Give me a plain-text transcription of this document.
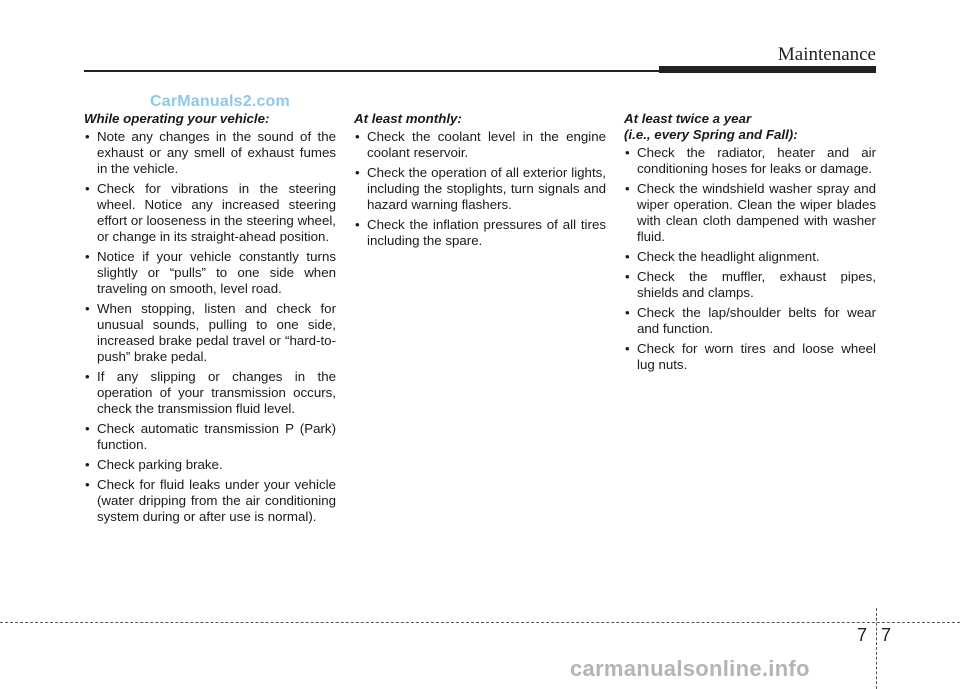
Maintenance
CarManuals2.com
While operating your vehicle:
• Note any changes in the sound of the exhaust or any smell of exhaust fumes in the vehicle.
• Check for vibrations in the steering wheel. Notice any increased steering effort or looseness in the steering wheel, or change in its straight-ahead position.
• Notice if your vehicle constantly turns slightly or “pulls” to one side when traveling on smooth, level road.
• When stopping, listen and check for unusual sounds, pulling to one side, increased brake pedal travel or “hard-to-push” brake pedal.
• If any slipping or changes in the operation of your transmission occurs, check the transmission fluid level.
• Check automatic transmission P (Park) function.
• Check parking brake.
• Check for fluid leaks under your vehicle (water dripping from the air conditioning system during or after use is normal).
At least monthly:
• Check the coolant level in the engine coolant reservoir.
• Check the operation of all exterior lights, including the stoplights, turn signals and hazard warning flashers.
• Check the inflation pressures of all tires including the spare.
At least twice a year
(i.e., every Spring and Fall):
• Check the radiator, heater and air conditioning hoses for leaks or damage.
• Check the windshield washer spray and wiper operation. Clean the wiper blades with clean cloth dampened with washer fluid.
• Check the headlight alignment.
• Check the muffler, exhaust pipes, shields and clamps.
• Check the lap/shoulder belts for wear and function.
• Check for worn tires and loose wheel lug nuts.
7 7
carmanualsonline.info
